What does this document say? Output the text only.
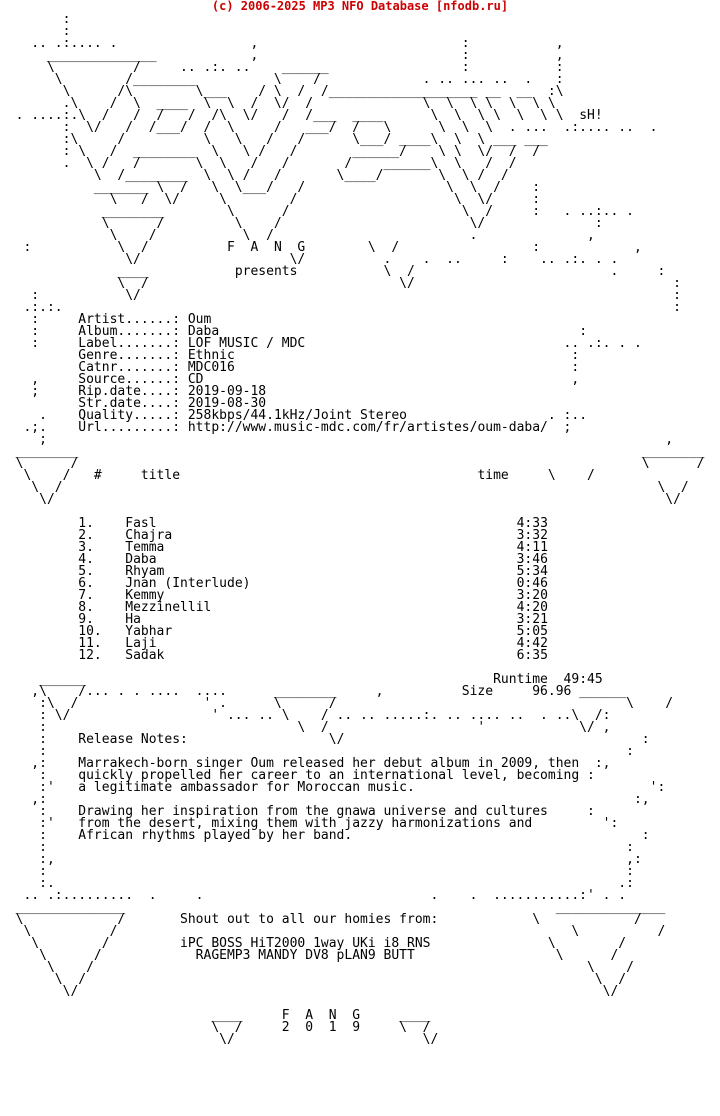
(c) 2006-2025 MP3 NFO Database [nfodb.ru]
:
:
.. .:.... .                 ,                          :           ,
______________            ,                          :           ,
\          /     .. .:. ..    ______                 :           :
\        /________          \    /             . .. ... ..  .   :
\      /\        \___    / \  /  /___________________ __  __  :\
.\    /  \  ____  \  \  /  \/  /              \  \  \ \  \  \ \
. ....:.\  /   /  /   /  /\  \/   /  /___  ____      \  \  \ \  \  \ \  sH!
:  \/   /  /___/  /  \     /   ___/  /   \      \  \  \  . ...  .:.... ..  .
:\     /          \   \   /   /      \___/ ____\  \  \ ___ ___
: \   /  ________  \   \ /   /       ______/    \ \  \/  /  /
.  \ /   /       \  \   /   /       /    ______\  \   /  /
\  /________  \  \ /   /       \____/       \  \ /  /
_______ \  /   \  \___/   /                  \  \  /    :
\   /  \/     \        /                    \  \/     :
________        \      /                      \  /     :   . ..:.. .
\      /         \    /                        \/              :
\    /           \  /                         .              ,
:           \  /	F  A  N  G	\  /                 :            ,
\/                   \/          .    .  ..     :    .. .:. . .
____	presents	\  /                         .     :
\  /                                \/                                 :
:           \/                                                                    :
.:.:.                                                                              :
:     Artist......: Oum
:     Album.......: Daba                                              :
:     Label.......: LOF MUSIC / MDC                                 .. .:. . .
Genre.......: Ethnic                                           :
Catnr.......: MDC016                                           :
,     Source......: CD                                               ,
;     Rip.date....: 2019-09-18
Str.date....: 2019-08-30
.    Quality.....: 258kbps/44.1kHz/Joint Stereo                  . :..
.;.    Url.........: http://www.music-mdc.com/fr/artistes/oum-daba/  ;
;                                                                               ,
________                                                                        ________
\      /                                                                        \      /
\    /   #	title	time	\    /
\  /                                                                            \  /
\/                                                                              \/

1. Fasl	4:33
2. Chajra	3:32
3. Temma	4:11
4. Daba	3:46
5. Rhyam	5:34
6. Jnan (Interlude)	0:46
7. Kemmy	3:20
8. Mezzinellil	4:20
9. Ha	3:21
10. Yabhar	5:05
11. Laji	4:42
12. Sadak	6:35

______	Runtime 49:45
,\    /... . . ....  ....      ________     ,          Size	96.96 ______
:\  /                ' .      \      /                                     \    /
: \/                  ' ... .. \    / .. .. .....:. .. .... ..  . ..\  /:
:                                \  /                   '            \/ ,
:    Release Notes:	\/                                      :
:                                                                          :
,:    Marrakech-born singer Oum released her debut album in 2009, then  :,
:    quickly propelled her career to an international level, becoming :
:'   a legitimate ambassador for Moroccan music.                              ':
,:                                                                           :,
:    Drawing her inspiration from the gnawa universe and cultures     :
:'   from the desert, mixing them with jazzy harmonizations and         ':
:    African rhythms played by her band.                                     :
:                                                                          :
:,                                                                         ,:
:                                                                          :
:.                                                                        .:
.. .:.........  .     .                             .    .  ...........:' . .
______________                                                       ______________
\            /	Shout out to all our homies from:	\            /
\          /                                                          \          /
\        /	iPC BOSS HiT2000 1way UKi i8 RNS               \        /
\      /            RAGEMP3 MANDY DV8 pLAN9 BUTT	\      /
\    /                                                               \    /
\  /                                                                 \  /
\/                                                                   \/

____	F  A  N  G	____
\  /	2  0  1  9	\  /
\/                        \/
